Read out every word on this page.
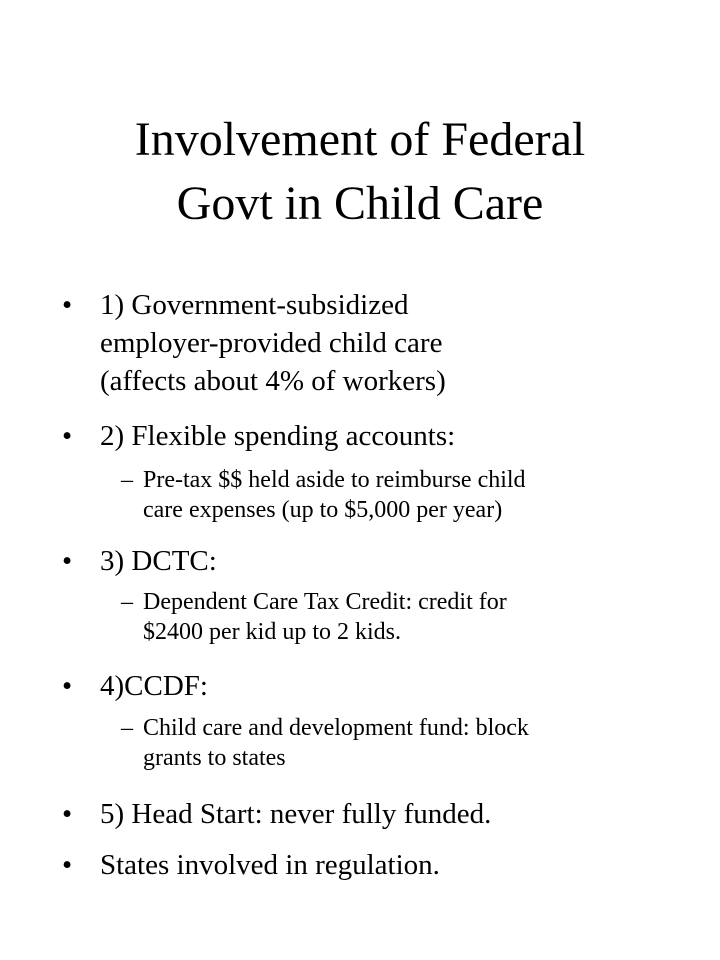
Involvement of Federal
Govt in Child Care
• 1) Government-subsidized
employer-provided child care
(affects about 4% of workers)
• 2) Flexible spending accounts:
– Pre-tax $$ held aside to reimburse child
care expenses (up to $5,000 per year)
• 3) DCTC:
– Dependent Care Tax Credit: credit for
$2400 per kid up to 2 kids.
• 4)CCDF:
– Child care and development fund: block
grants to states
• 5) Head Start: never fully funded.
• States involved in regulation.
